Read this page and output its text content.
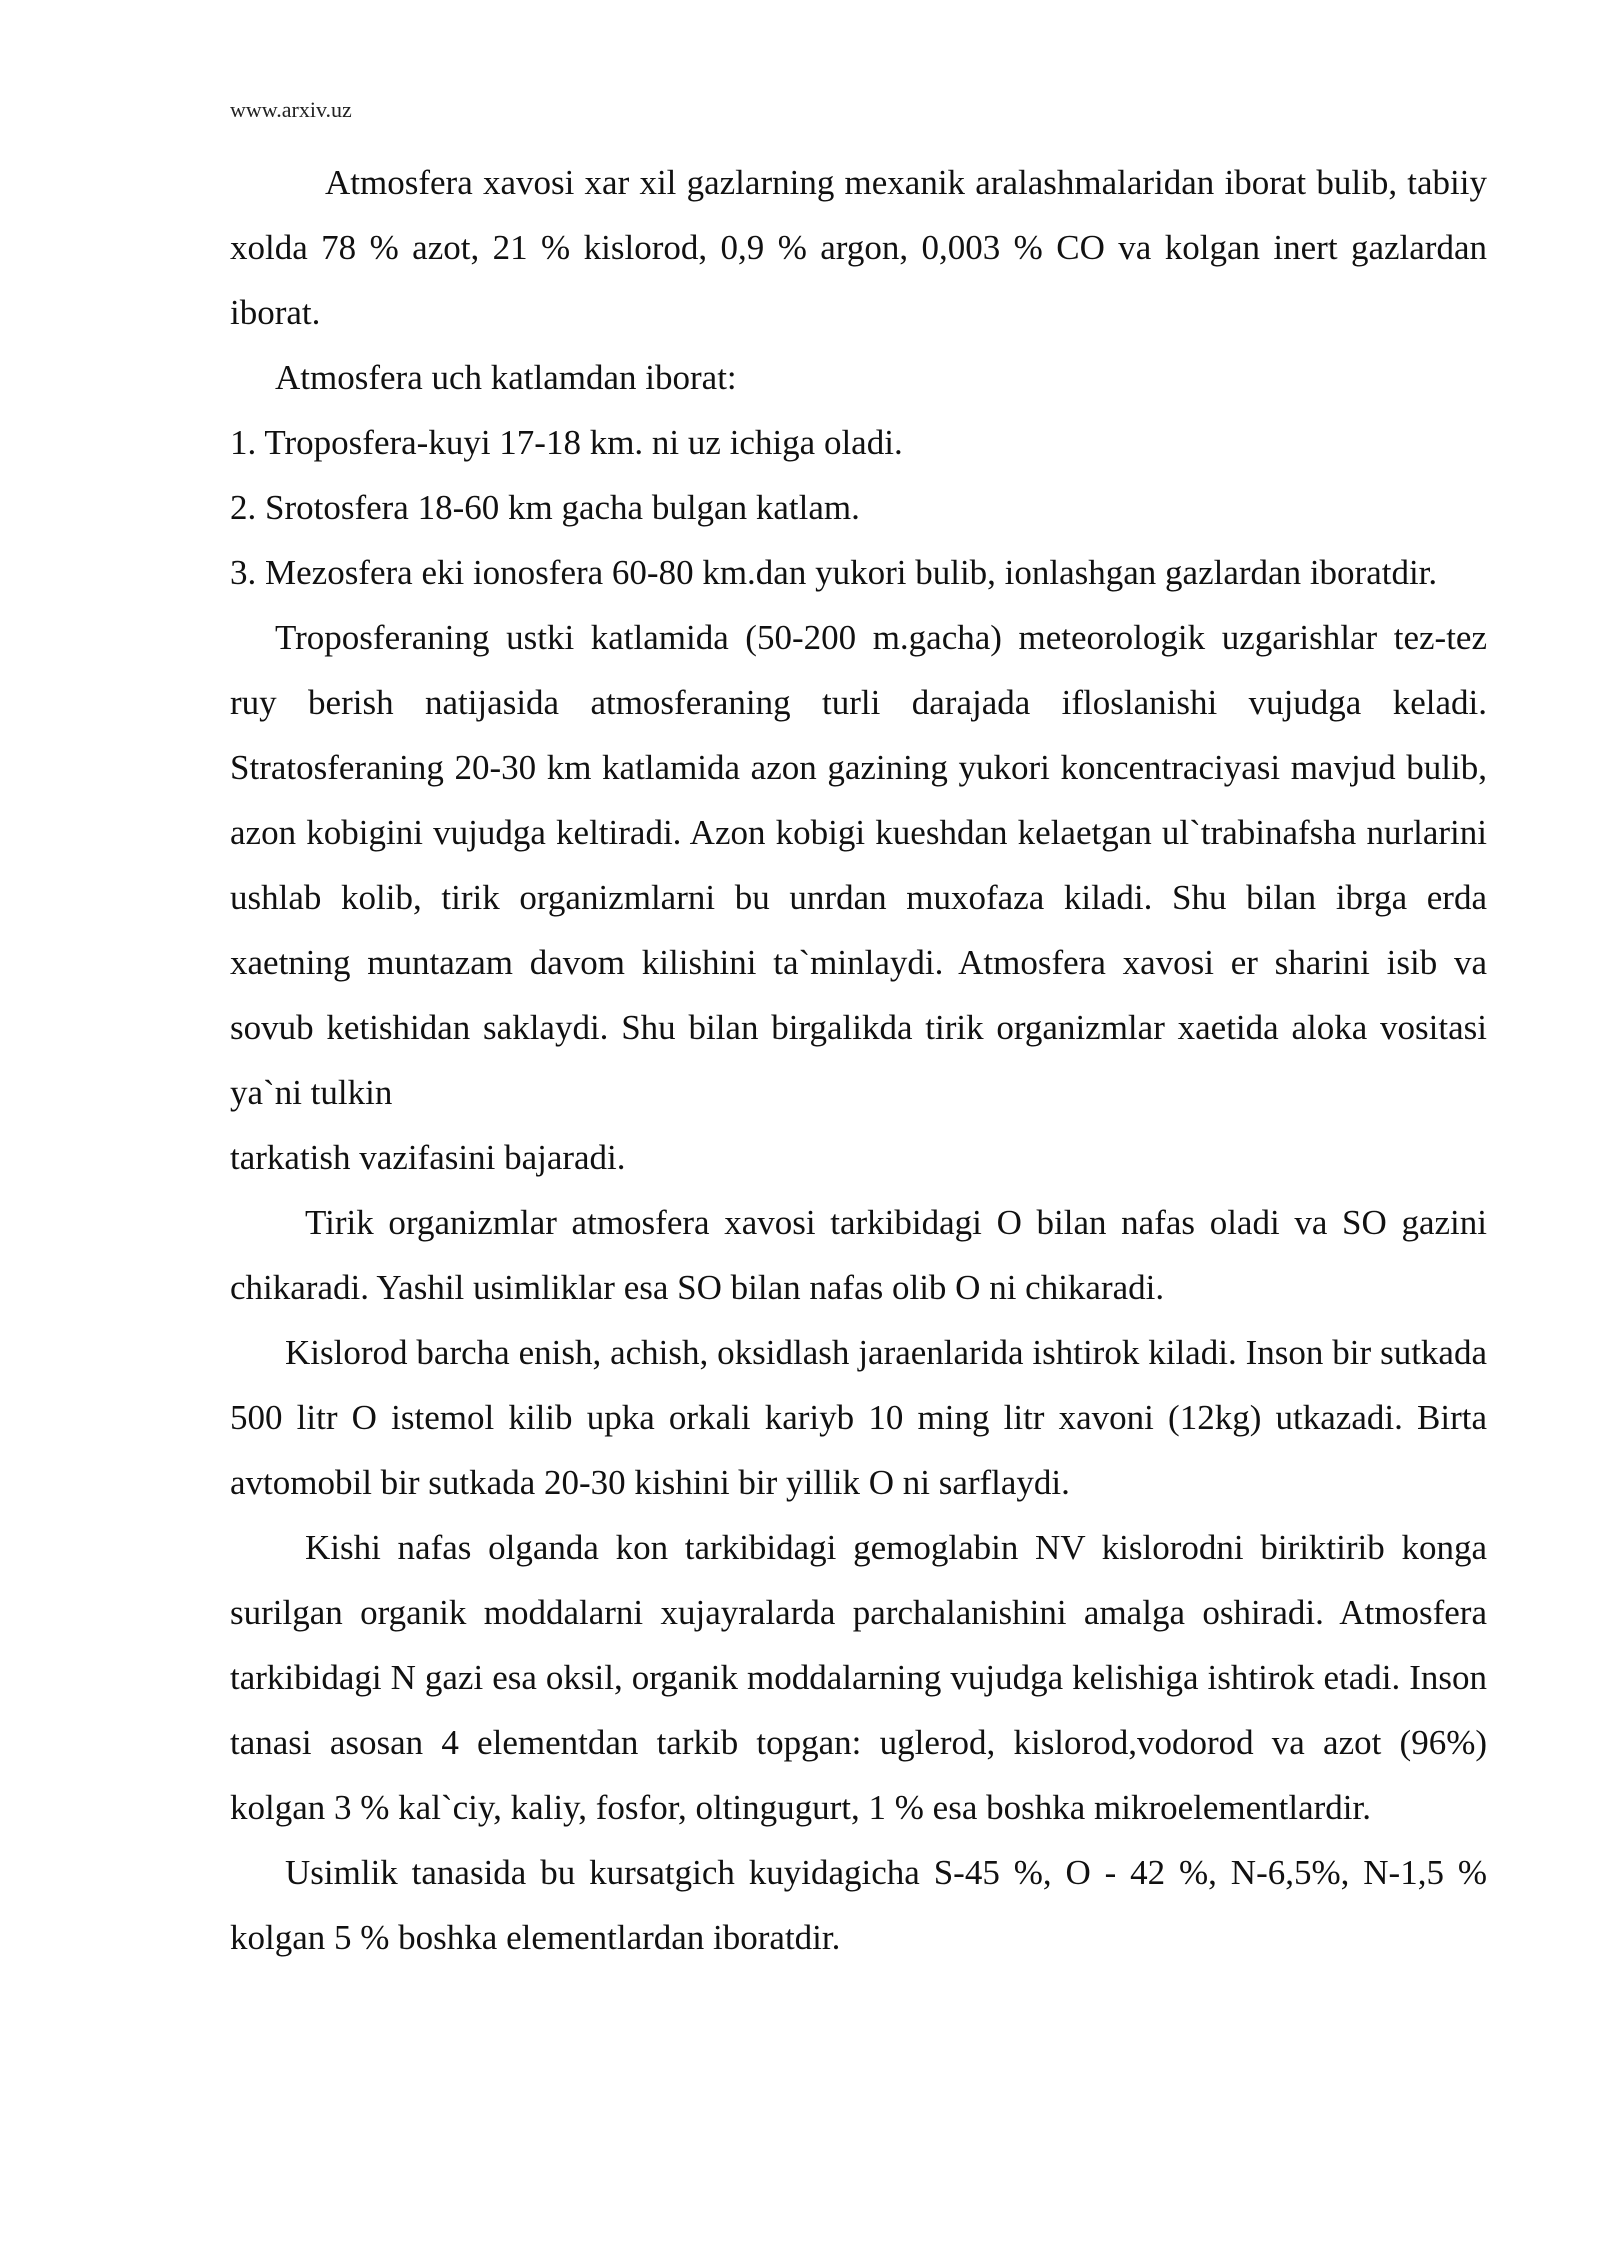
www.arxiv.uz

Atmosfera xavosi xar xil gazlarning mexanik aralashmalaridan iborat bulib, tabiiy xolda 78 % azot, 21 % kislorod, 0,9 % argon, 0,003 % CO va kolgan inert gazlardan iborat.

Atmosfera uch katlamdan iborat:

1. Troposfera-kuyi 17-18 km. ni uz ichiga oladi.

2. Srotosfera 18-60 km gacha bulgan katlam.

3. Mezosfera eki ionosfera 60-80 km.dan yukori bulib, ionlashgan gazlardan iboratdir.

Troposferaning ustki katlamida (50-200 m.gacha) meteorologik uzgarishlar tez-tez ruy berish natijasida atmosferaning turli darajada ifloslanishi vujudga keladi. Stratosferaning 20-30 km katlamida azon gazining yukori koncentraciyasi mavjud bulib, azon kobigini vujudga keltiradi. Azon kobigi kueshdan kelaetgan ul`trabinafsha nurlarini ushlab kolib, tirik organizmlarni bu unrdan muxofaza kiladi. Shu bilan ibrga erda xaetning muntazam davom kilishini ta`minlaydi. Atmosfera xavosi er sharini isib va sovub ketishidan saklaydi. Shu bilan birgalikda tirik organizmlar xaetida aloka vositasi ya`ni tulkin

tarkatish vazifasini bajaradi.

Tirik organizmlar atmosfera xavosi tarkibidagi O bilan nafas oladi va SO gazini chikaradi. Yashil usimliklar esa SO bilan nafas olib O ni chikaradi.

Kislorod barcha enish, achish, oksidlash jaraenlarida ishtirok kiladi. Inson bir sutkada 500 litr O istemol kilib upka orkali kariyb 10 ming litr xavoni (12kg) utkazadi. Birta avtomobil bir sutkada 20-30 kishini bir yillik O ni sarflaydi.

Kishi nafas olganda kon tarkibidagi gemoglabin NV kislorodni biriktirib konga surilgan organik moddalarni xujayralarda parchalanishini amalga oshiradi. Atmosfera tarkibidagi N gazi esa oksil, organik moddalarning vujudga kelishiga ishtirok etadi. Inson tanasi asosan 4 elementdan tarkib topgan: uglerod, kislorod,vodorod va azot (96%) kolgan 3 % kal`ciy, kaliy, fosfor, oltingugurt, 1 % esa boshka mikroelementlardir.

Usimlik tanasida bu kursatgich kuyidagicha S-45 %, O - 42 %, N-6,5%, N-1,5 % kolgan 5 % boshka elementlardan iboratdir.
